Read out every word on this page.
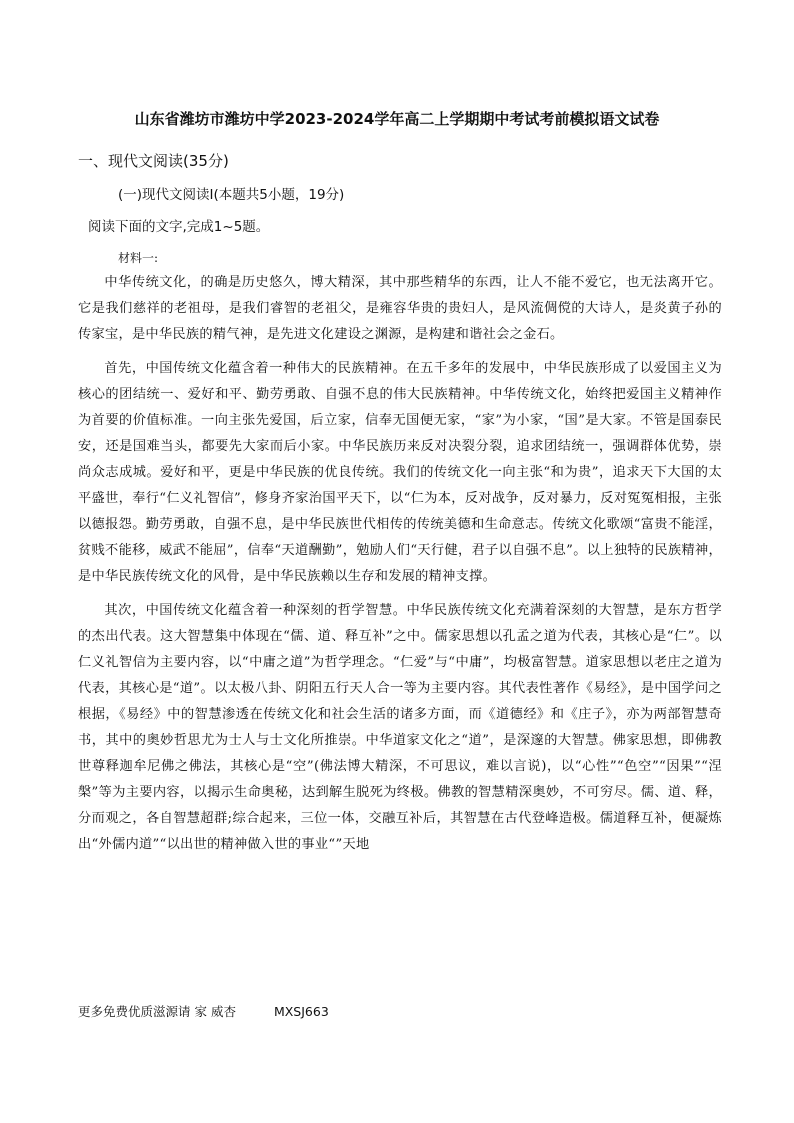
山东省潍坊市潍坊中学2023-2024学年高二上学期期中考试考前模拟语文试卷
一、现代文阅读(35分)
(一)现代文阅读Ⅰ(本题共5小题，19分)
阅读下面的文字,完成1~5题。
材料一:

中华传统文化，的确是历史悠久，博大精深，其中那些精华的东西，让人不能不爱它，也无法离开它。它是我们慈祥的老祖母，是我们睿智的老祖父，是雍容华贵的贵妇人，是风流倜傥的大诗人，是炎黄子孙的传家宝，是中华民族的精气神，是先进文化建设之渊源，是构建和谐社会之金石。

首先，中国传统文化蕴含着一种伟大的民族精神。在五千多年的发展中，中华民族形成了以爱国主义为核心的团结统一、爱好和平、勤劳勇敢、自强不息的伟大民族精神。中华传统文化，始终把爱国主义精神作为首要的价值标准。一向主张先爱国，后立家，信奉无国便无家，“家”为小家，“国”是大家。不管是国泰民安，还是国难当头，都要先大家而后小家。中华民族历来反对决裂分裂，追求团结统一，强调群体优势，崇尚众志成城。爱好和平，更是中华民族的优良传统。我们的传统文化一向主张“和为贵”，追求天下大国的太平盛世，奉行“仁义礼智信”，修身齐家治国平天下，以“仁为本，反对战争，反对暴力，反对冤冤相报，主张以德报怨。勤劳勇敢，自强不息，是中华民族世代相传的传统美德和生命意志。传统文化歌颂“富贵不能淫，贫贱不能移，威武不能屈”，信奉“天道酬勤”，勉励人们“天行健，君子以自强不息”。以上独特的民族精神，是中华民族传统文化的风骨，是中华民族赖以生存和发展的精神支撑。

其次，中国传统文化蕴含着一种深刻的哲学智慧。中华民族传统文化充满着深刻的大智慧，是东方哲学的杰出代表。这大智慧集中体现在“儒、道、释互补”之中。儒家思想以孔孟之道为代表，其核心是“仁”。以仁义礼智信为主要内容，以“中庸之道”为哲学理念。“仁爱”与“中庸”，均极富智慧。道家思想以老庄之道为代表，其核心是“道”。以太极八卦、阴阳五行天人合一等为主要内容。其代表性著作《易经》，是中国学问之根据，《易经》中的智慧渗透在传统文化和社会生活的诸多方面，而《道德经》和《庄子》，亦为两部智慧奇书，其中的奥妙哲思尤为士人与士文化所推崇。中华道家文化之“道”，是深邃的大智慧。佛家思想，即佛教世尊释迦牟尼佛之佛法，其核心是“空”(佛法博大精深，不可思议，难以言说)，以“心性”“色空”“因果”“涅槃”等为主要内容，以揭示生命奥秘，达到解生脱死为终极。佛教的智慧精深奥妙，不可穷尽。儒、道、释，分而观之，各自智慧超群;综合起来，三位一体，交融互补后，其智慧在古代登峰造极。儒道释互补，便凝炼出“外儒内道”“以出世的精神做入世的事业“”天地

更多免费优质滋源请 家 威杏	MXSJ663
